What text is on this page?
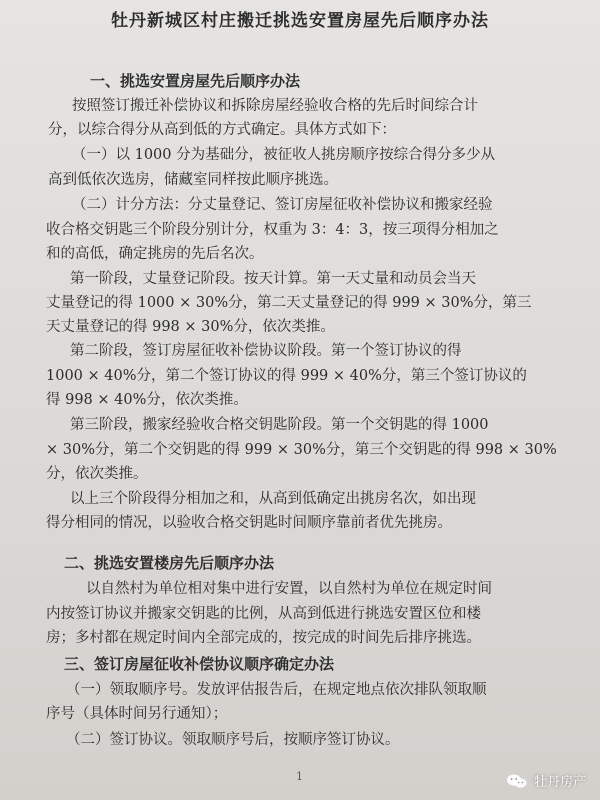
牡丹新城区村庄搬迁挑选安置房屋先后顺序办法
一、挑选安置房屋先后顺序办法
按照签订搬迁补偿协议和拆除房屋经验收合格的先后时间综合计
分，以综合得分从高到低的方式确定。具体方式如下：
（一）以 1000 分为基础分，被征收人挑房顺序按综合得分多少从
高到低依次选房，储藏室同样按此顺序挑选。
（二）计分方法：分丈量登记、签订房屋征收补偿协议和搬家经验
收合格交钥匙三个阶段分别计分，权重为 3：4：3，按三项得分相加之
和的高低，确定挑房的先后名次。
第一阶段，丈量登记阶段。按天计算。第一天丈量和动员会当天
丈量登记的得 1000 × 30%分，第二天丈量登记的得 999 × 30%分，第三
天丈量登记的得 998 × 30%分，依次类推。
第二阶段，签订房屋征收补偿协议阶段。第一个签订协议的得
1000 × 40%分，第二个签订协议的得 999 × 40%分，第三个签订协议的
得 998 × 40%分，依次类推。
第三阶段，搬家经验收合格交钥匙阶段。第一个交钥匙的得 1000
× 30%分，第二个交钥匙的得 999 × 30%分，第三个交钥匙的得 998 × 30%
分，依次类推。
以上三个阶段得分相加之和，从高到低确定出挑房名次，如出现
得分相同的情况，以验收合格交钥匙时间顺序靠前者优先挑房。
二、挑选安置楼房先后顺序办法
以自然村为单位相对集中进行安置，以自然村为单位在规定时间
内按签订协议并搬家交钥匙的比例，从高到低进行挑选安置区位和楼
房；多村都在规定时间内全部完成的，按完成的时间先后排序挑选。
三、签订房屋征收补偿协议顺序确定办法
（一）领取顺序号。发放评估报告后，在规定地点依次排队领取顺
序号（具体时间另行通知）；
（二）签订协议。领取顺序号后，按顺序签订协议。
1	牡丹房产
